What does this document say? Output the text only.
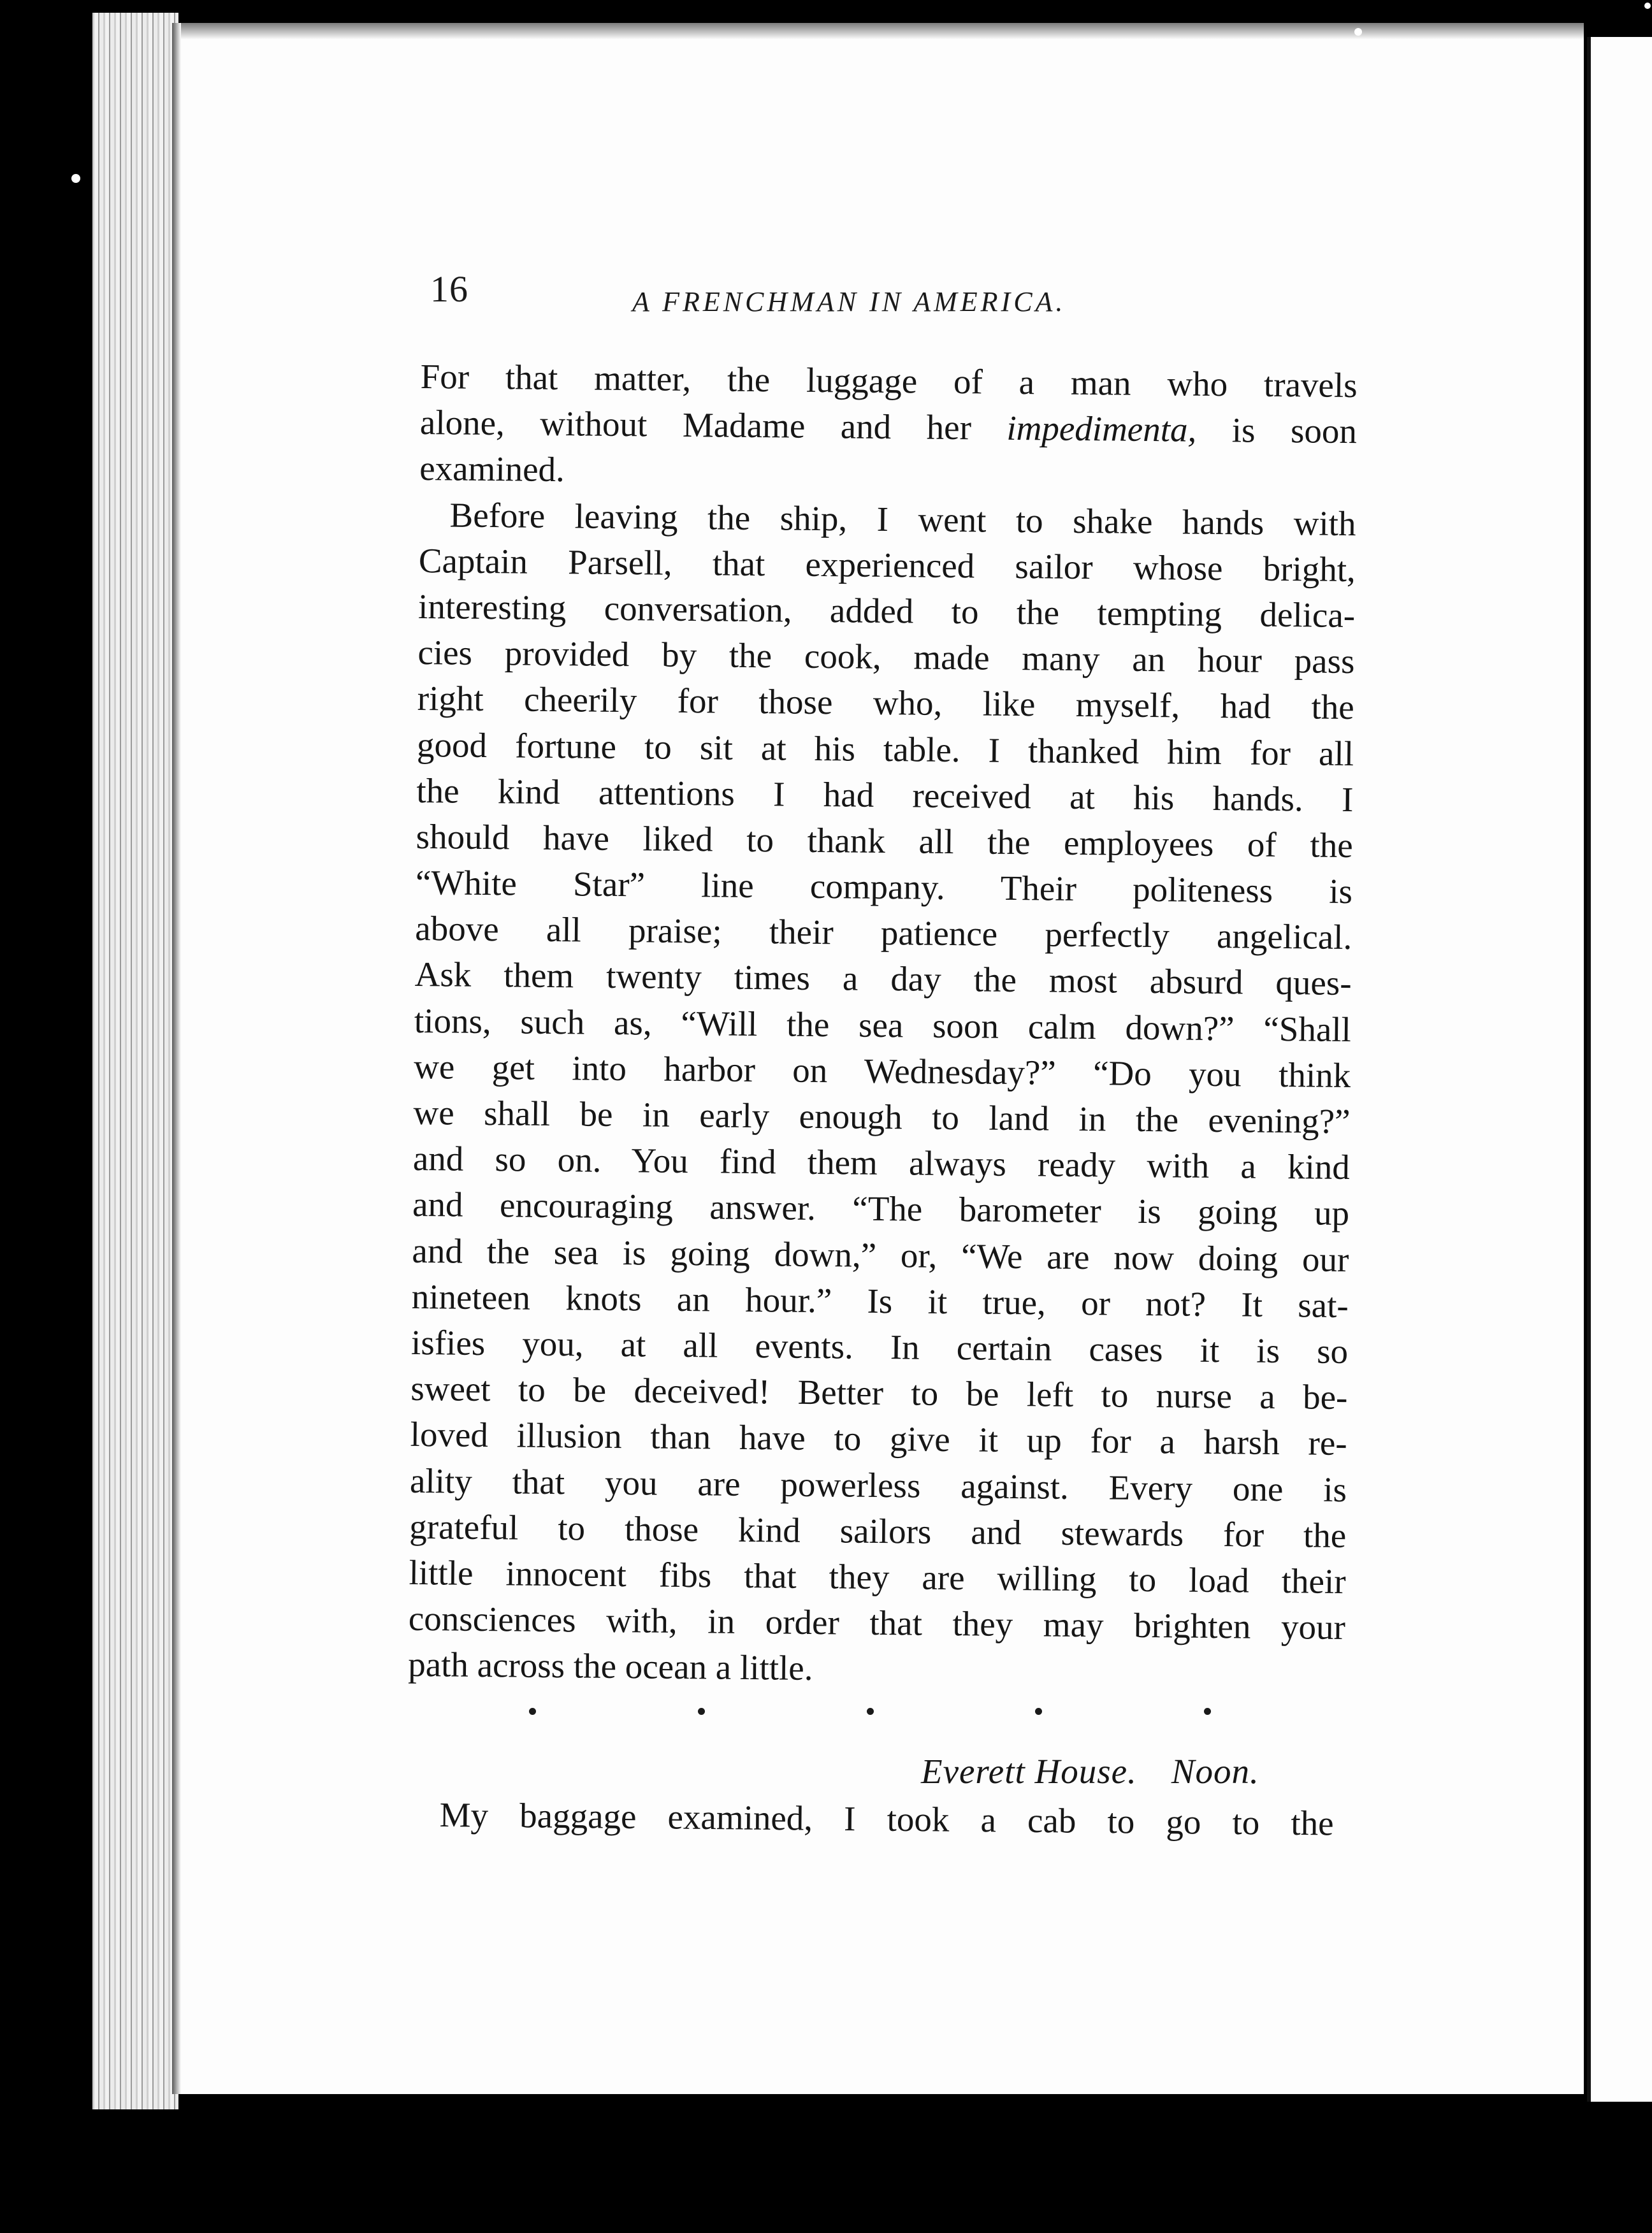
16	A FRENCHMAN IN AMERICA.
For that matter, the luggage of a man who travels
alone, without Madame and her impedimenta, is soon
examined.
Before leaving the ship, I went to shake hands with
Captain Parsell, that experienced sailor whose bright,
interesting conversation, added to the tempting delica-
cies provided by the cook, made many an hour pass
right cheerily for those who, like myself, had the
good fortune to sit at his table. I thanked him for all
the kind attentions I had received at his hands. I
should have liked to thank all the employees of the
“White Star” line company. Their politeness is
above all praise; their patience perfectly angelical.
Ask them twenty times a day the most absurd ques-
tions, such as, “Will the sea soon calm down?” “Shall
we get into harbor on Wednesday?” “Do you think
we shall be in early enough to land in the evening?”
and so on. You find them always ready with a kind
and encouraging answer. “The barometer is going up
and the sea is going down,” or, “We are now doing our
nineteen knots an hour.” Is it true, or not? It sat-
isfies you, at all events. In certain cases it is so
sweet to be deceived! Better to be left to nurse a be-
loved illusion than have to give it up for a harsh re-
ality that you are powerless against. Every one is
grateful to those kind sailors and stewards for the
little innocent fibs that they are willing to load their
consciences with, in order that they may brighten your
path across the ocean a little.
Everett House. Noon.
My baggage examined, I took a cab to go to the
